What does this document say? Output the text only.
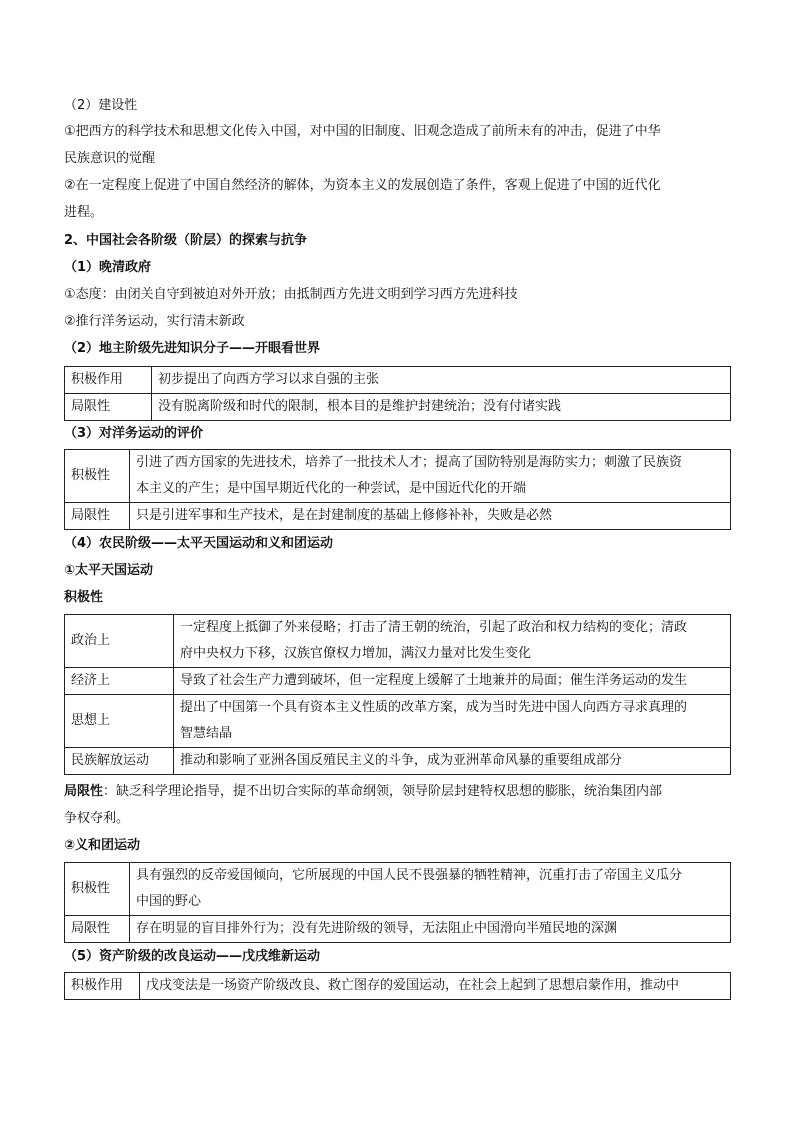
（2）建设性
①把西方的科学技术和思想文化传入中国，对中国的旧制度、旧观念造成了前所未有的冲击，促进了中华
民族意识的觉醒
②在一定程度上促进了中国自然经济的解体，为资本主义的发展创造了条件，客观上促进了中国的近代化
进程。
2、中国社会各阶级（阶层）的探索与抗争
（1）晚清政府
①态度：由闭关自守到被迫对外开放；由抵制西方先进文明到学习西方先进科技
②推行洋务运动，实行清末新政
（2）地主阶级先进知识分子——开眼看世界
积极作用	初步提出了向西方学习以求自强的主张
局限性	没有脱离阶级和时代的限制，根本目的是维护封建统治；没有付诸实践
（3）对洋务运动的评价
积极性	引进了西方国家的先进技术，培养了一批技术人才；提高了国防特别是海防实力；刺激了民族资
本主义的产生；是中国早期近代化的一种尝试，是中国近代化的开端

局限性	只是引进军事和生产技术，是在封建制度的基础上修修补补，失败是必然
（4）农民阶级——太平天国运动和义和团运动
①太平天国运动
积极性
政治上	一定程度上抵御了外来侵略；打击了清王朝的统治，引起了政治和权力结构的变化；清政
府中央权力下移，汉族官僚权力增加，满汉力量对比发生变化

经济上	导致了社会生产力遭到破坏，但一定程度上缓解了土地兼并的局面；催生洋务运动的发生
思想上	提出了中国第一个具有资本主义性质的改革方案，成为当时先进中国人向西方寻求真理的
智慧结晶

民族解放运动	推动和影响了亚洲各国反殖民主义的斗争，成为亚洲革命风暴的重要组成部分
局限性：缺乏科学理论指导，提不出切合实际的革命纲领，领导阶层封建特权思想的膨胀，统治集团内部
争权夺利。
②义和团运动
积极性	具有强烈的反帝爱国倾向，它所展现的中国人民不畏强暴的牺牲精神，沉重打击了帝国主义瓜分
中国的野心

局限性	存在明显的盲目排外行为；没有先进阶级的领导，无法阻止中国滑向半殖民地的深渊
（5）资产阶级的改良运动——戊戌维新运动
积极作用	戊戌变法是一场资产阶级改良、救亡图存的爱国运动，在社会上起到了思想启蒙作用，推动中
